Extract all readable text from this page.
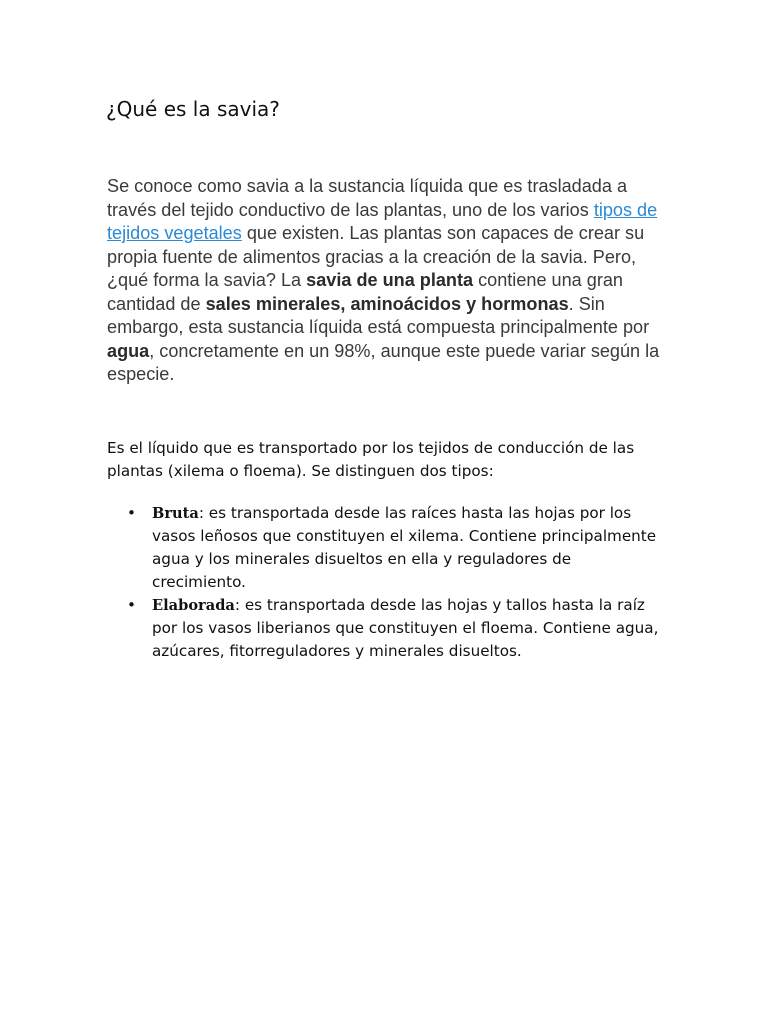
¿Qué es la savia?

Se conoce como savia a la sustancia líquida que es trasladada a través del tejido conductivo de las plantas, uno de los varios tipos de tejidos vegetales que existen. Las plantas son capaces de crear su propia fuente de alimentos gracias a la creación de la savia. Pero, ¿qué forma la savia? La savia de una planta contiene una gran cantidad de sales minerales, aminoácidos y hormonas. Sin embargo, esta sustancia líquida está compuesta principalmente por agua, concretamente en un 98%, aunque este puede variar según la especie.

Es el líquido que es transportado por los tejidos de conducción de las plantas (xilema o floema). Se distinguen dos tipos:

• Bruta: es transportada desde las raíces hasta las hojas por los vasos leñosos que constituyen el xilema. Contiene principalmente agua y los minerales disueltos en ella y reguladores de crecimiento.
• Elaborada: es transportada desde las hojas y tallos hasta la raíz por los vasos liberianos que constituyen el floema. Contiene agua, azúcares, fitorreguladores y minerales disueltos.
